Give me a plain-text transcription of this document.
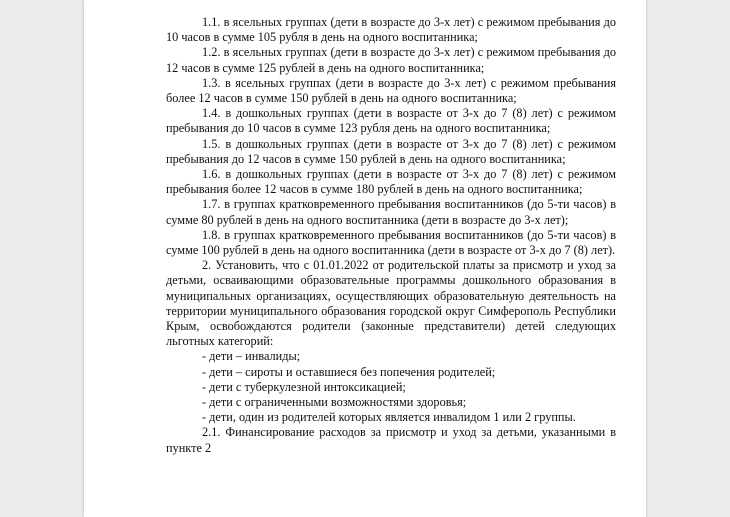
1.1. в ясельных группах (дети в возрасте до 3-х лет) с режимом пребывания до 10 часов в сумме 105 рубля в день на одного воспитанника;

1.2. в ясельных группах (дети в возрасте до 3-х лет) с режимом пребывания до 12 часов в сумме 125 рублей в день на одного воспитанника;

1.3. в ясельных группах (дети в возрасте до 3-х лет) с режимом пребывания более 12 часов в сумме 150 рублей в день на одного воспитанника;

1.4. в дошкольных группах (дети в возрасте от 3-х до 7 (8) лет) с режимом пребывания до 10 часов в сумме 123 рубля день на одного воспитанника;

1.5. в дошкольных группах (дети в возрасте от 3-х до 7 (8) лет) с режимом пребывания до 12 часов в сумме 150 рублей в день на одного воспитанника;

1.6. в дошкольных группах (дети в возрасте от 3-х до 7 (8) лет) с режимом пребывания более 12 часов в сумме 180 рублей в день на одного воспитанника;

1.7. в группах кратковременного пребывания воспитанников (до 5-ти часов) в сумме 80 рублей в день на одного воспитанника (дети в возрасте до 3-х лет);

1.8. в группах кратковременного пребывания воспитанников (до 5-ти часов) в сумме 100 рублей в день на одного воспитанника (дети в возрасте от 3-х до 7 (8) лет).

2. Установить, что с 01.01.2022 от родительской платы за присмотр и уход за детьми, осваивающими образовательные программы дошкольного образования в муниципальных организациях, осуществляющих образовательную деятельность на территории муниципального образования городской округ Симферополь Республики Крым, освобождаются родители (законные представители) детей следующих льготных категорий:

- дети – инвалиды;

- дети – сироты и оставшиеся без попечения родителей;

- дети с туберкулезной интоксикацией;

- дети с ограниченными возможностями здоровья;

- дети, один из родителей которых является инвалидом 1 или 2 группы.

2.1. Финансирование расходов за присмотр и уход за детьми, указанными в пункте 2
